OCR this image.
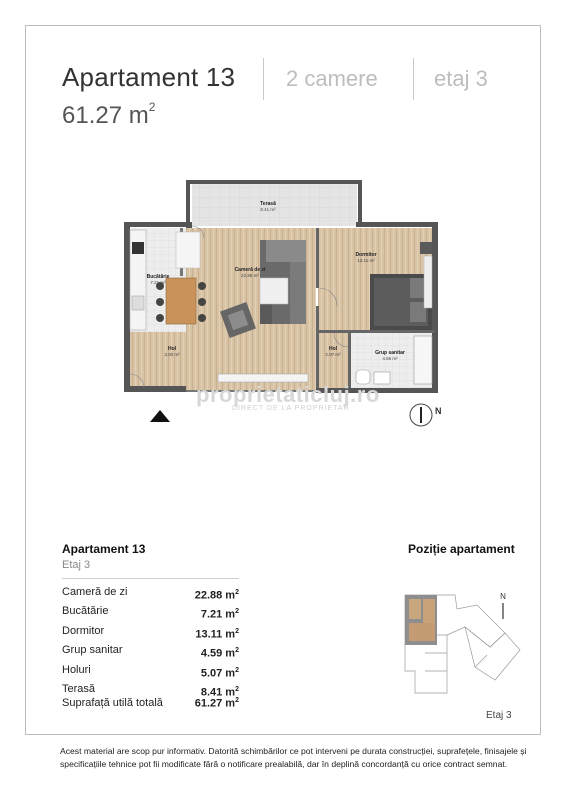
Apartament 13 2 camere	etaj 3
61.27 $m^2$
Terasă
8.41 m²
Cameră de zi
22.88 m²
Bucătărie
7.21 m²
Dormitor
13.11 m²
Hol
3.00 m²
Hol
2.07 m²	Grup sanitar
4.59 m²
proprietaticluj.ro
DIRECT DE LA PROPRIETAR	N
Apartament 13
Etaj 3
Cameră de zi	22.88 $m^2$
Bucătărie	7.21 $m^2$
Dormitor	13.11 $m^2$
Grup sanitar	4.59 $m^2$
Holuri	5.07 $m^2$
Terasă	8.41 $m^2$
Suprafață utilă totală	61.27 $m^2$
Poziție apartament
N
Etaj 3
Acest material are scop pur informativ. Datorită schimbărilor ce pot interveni pe durata construcției, suprafețele, finisajele și specificațiile tehnice pot fii modificate fără o notificare prealabilă, dar în deplină concordanță cu orice contract semnat.
